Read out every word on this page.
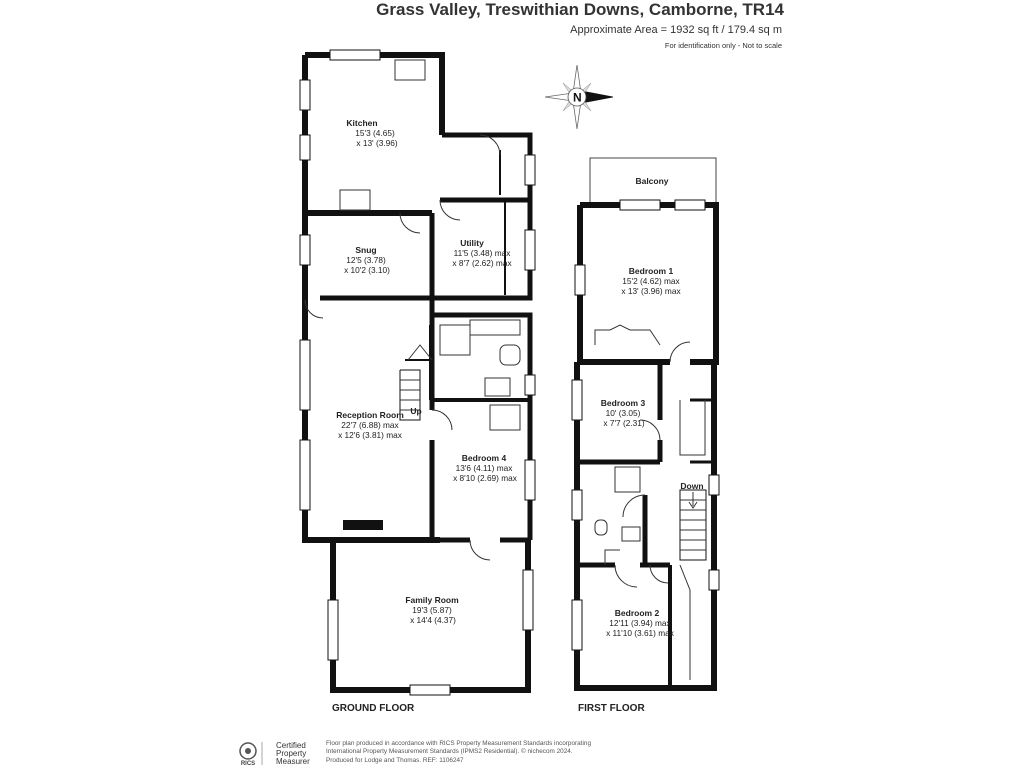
Grass Valley, Treswithian Downs, Camborne, TR14
Approximate Area = 1932 sq ft / 179.4 sq m
For identification only - Not to scale
N
Kitchen
15'3 (4.65)
x 13' (3.96)
Snug
12'5 (3.78)
x 10'2 (3.10)
Utility
11'5 (3.48) max
x 8'7 (2.62) max
Reception Room
22'7 (6.88) max
x 12'6 (3.81) max
Up
Bedroom 4
13'6 (4.11) max
x 8'10 (2.69) max
Family Room
19'3 (5.87)
x 14'4 (4.37)
Balcony
Bedroom 1
15'2 (4.62) max
x 13' (3.96) max
Bedroom 3
10' (3.05)
x 7'7 (2.31)
Down
Bedroom 2
12'11 (3.94) max
x 11'10 (3.61) max
GROUND FLOOR	FIRST FLOOR
RICS
Certified
Property
Measurer
Floor plan produced in accordance with RICS Property Measurement Standards incorporating
International Property Measurement Standards (IPMS2 Residential). © nichecom 2024.
Produced for Lodge and Thomas. REF: 1106247
